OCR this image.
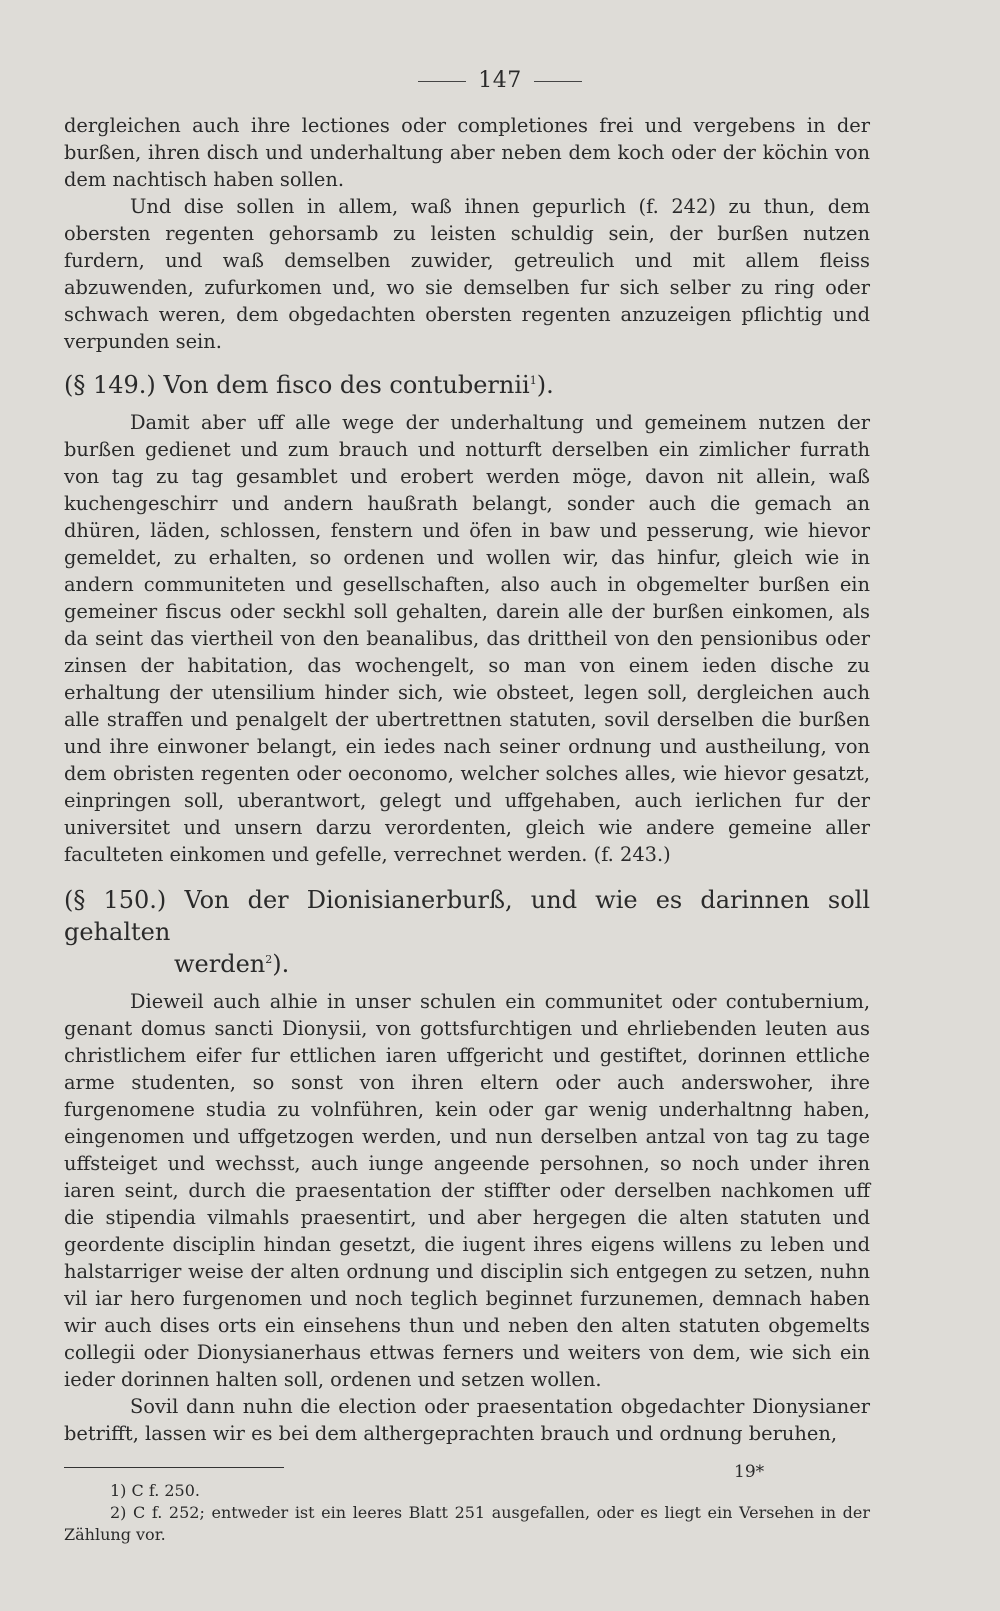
147

dergleichen auch ihre lectiones oder completiones frei und vergebens in der burßen, ihren disch und underhaltung aber neben dem koch oder der köchin von dem nachtisch haben sollen.

Und dise sollen in allem, waß ihnen gepurlich (f. 242) zu thun, dem obersten regenten gehorsamb zu leisten schuldig sein, der burßen nutzen furdern, und waß demselben zuwider, getreulich und mit allem fleiss abzuwenden, zufurkomen und, wo sie demselben fur sich selber zu ring oder schwach weren, dem obgedachten obersten regenten anzuzeigen pflichtig und verpunden sein.

(§ 149.) Von dem fisco des contubernii$^1$).

Damit aber uff alle wege der underhaltung und gemeinem nutzen der burßen gedienet und zum brauch und notturft derselben ein zimlicher furrath von tag zu tag gesamblet und erobert werden möge, davon nit allein, waß kuchengeschirr und andern haußrath belangt, sonder auch die gemach an dhüren, läden, schlossen, fenstern und öfen in baw und pesserung, wie hievor gemeldet, zu erhalten, so ordenen und wollen wir, das hinfur, gleich wie in andern communiteten und gesellschaften, also auch in obgemelter burßen ein gemeiner fiscus oder seckhl soll gehalten, darein alle der burßen einkomen, als da seint das viertheil von den beanalibus, das drittheil von den pensionibus oder zinsen der habitation, das wochengelt, so man von einem ieden dische zu erhaltung der utensilium hinder sich, wie obsteet, legen soll, dergleichen auch alle straffen und penalgelt der ubertrettnen statuten, sovil derselben die burßen und ihre einwoner belangt, ein iedes nach seiner ordnung und austheilung, von dem obristen regenten oder oeconomo, welcher solches alles, wie hievor gesatzt, einpringen soll, uberantwort, gelegt und uffgehaben, auch ierlichen fur der universitet und unsern darzu verordenten, gleich wie andere gemeine aller faculteten einkomen und gefelle, verrechnet werden. (f. 243.)

(§ 150.) Von der Dionisianerburß, und wie es darinnen soll gehalten
werden$^2$).

Dieweil auch alhie in unser schulen ein communitet oder contubernium, genant domus sancti Dionysii, von gottsfurchtigen und ehrliebenden leuten aus christlichem eifer fur ettlichen iaren uffgericht und gestiftet, dorinnen ettliche arme studenten, so sonst von ihren eltern oder auch anderswoher, ihre furgenomene studia zu volnführen, kein oder gar wenig underhaltnng haben, eingenomen und uffgetzogen werden, und nun derselben antzal von tag zu tage uffsteiget und wechsst, auch iunge angeende persohnen, so noch under ihren iaren seint, durch die praesentation der stiffter oder derselben nachkomen uff die stipendia vilmahls praesentirt, und aber hergegen die alten statuten und geordente disciplin hindan gesetzt, die iugent ihres eigens willens zu leben und halstarriger weise der alten ordnung und disciplin sich entgegen zu setzen, nuhn vil iar hero furgenomen und noch teglich beginnet furzunemen, demnach haben wir auch dises orts ein einsehens thun und neben den alten statuten obgemelts collegii oder Dionysianerhaus ettwas ferners und weiters von dem, wie sich ein ieder dorinnen halten soll, ordenen und setzen wollen.

Sovil dann nuhn die election oder praesentation obgedachter Dionysianer betrifft, lassen wir es bei dem althergeprachten brauch und ordnung beruhen,

1) C f. 250.

2) C f. 252; entweder ist ein leeres Blatt 251 ausgefallen, oder es liegt ein Versehen in der Zählung vor.

19*
